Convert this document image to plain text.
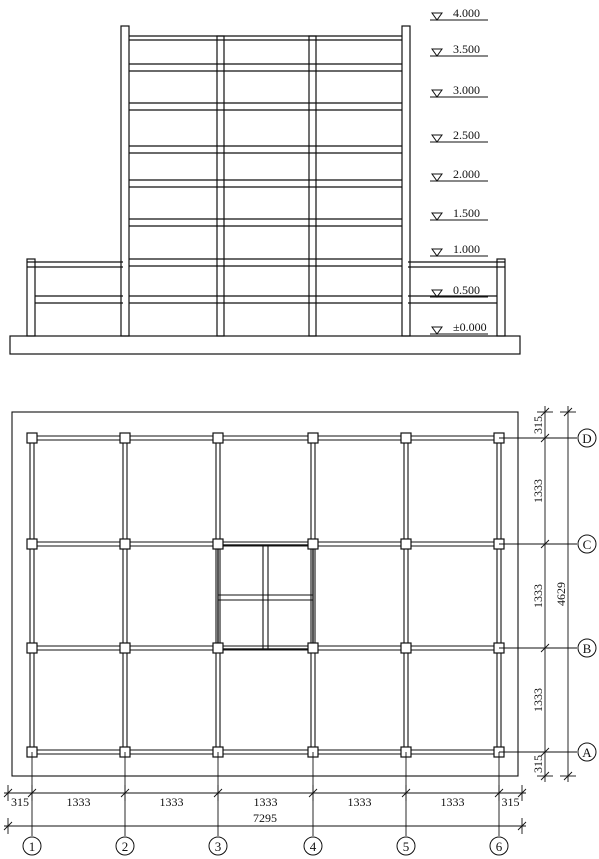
4.000
3.500
3.000
2.500
2.000
1.500
1.000
0.500
±0.000
315	1333	1333	1333	1333	1333	315
7295
315
1333
1333
1333
315
4629
1	2	3	4	5	6
D
C
B
A
